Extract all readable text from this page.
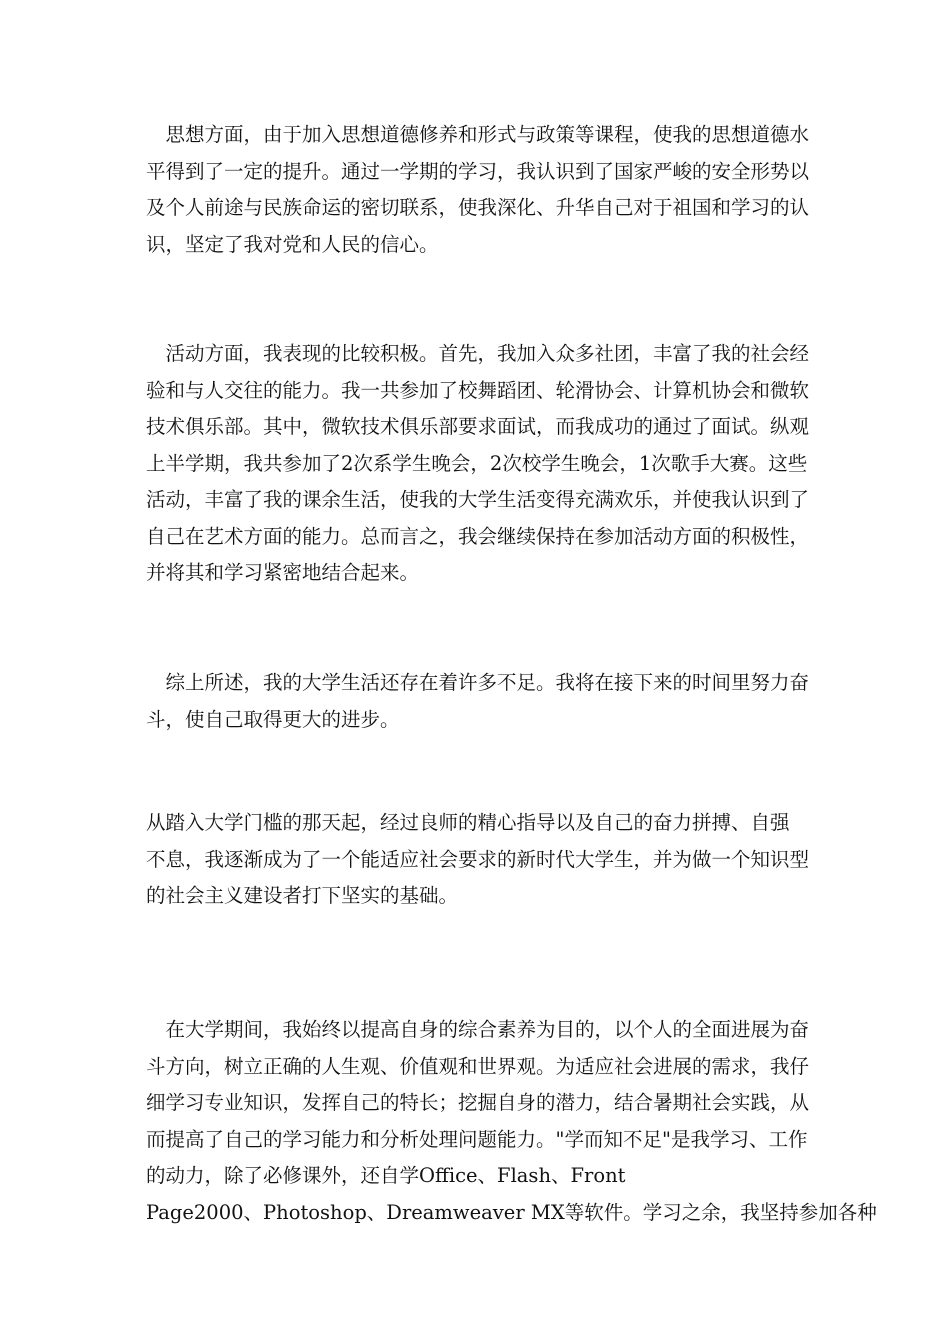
　思想方面，由于加入思想道德修养和形式与政策等课程，使我的思想道德水
平得到了一定的提升。通过一学期的学习，我认识到了国家严峻的安全形势以
及个人前途与民族命运的密切联系，使我深化、升华自己对于祖国和学习的认
识，坚定了我对党和人民的信心。
　活动方面，我表现的比较积极。首先，我加入众多社团，丰富了我的社会经
验和与人交往的能力。我一共参加了校舞蹈团、轮滑协会、计算机协会和微软
技术俱乐部。其中，微软技术俱乐部要求面试，而我成功的通过了面试。纵观
上半学期，我共参加了2次系学生晚会，2次校学生晚会，1次歌手大赛。这些
活动，丰富了我的课余生活，使我的大学生活变得充满欢乐，并使我认识到了
自己在艺术方面的能力。总而言之，我会继续保持在参加活动方面的积极性，
并将其和学习紧密地结合起来。
　综上所述，我的大学生活还存在着许多不足。我将在接下来的时间里努力奋
斗，使自己取得更大的进步。
从踏入大学门槛的那天起，经过良师的精心指导以及自己的奋力拼搏、自强
不息，我逐渐成为了一个能适应社会要求的新时代大学生，并为做一个知识型
的社会主义建设者打下坚实的基础。
　在大学期间，我始终以提高自身的综合素养为目的，以个人的全面进展为奋
斗方向，树立正确的人生观、价值观和世界观。为适应社会进展的需求，我仔
细学习专业知识，发挥自己的特长；挖掘自身的潜力，结合暑期社会实践，从
而提高了自己的学习能力和分析处理问题能力。"学而知不足"是我学习、工作
的动力，除了必修课外，还自学Office、Flash、Front
Page2000、Photoshop、Dreamweaver MX等软件。学习之余，我坚持参加各种
